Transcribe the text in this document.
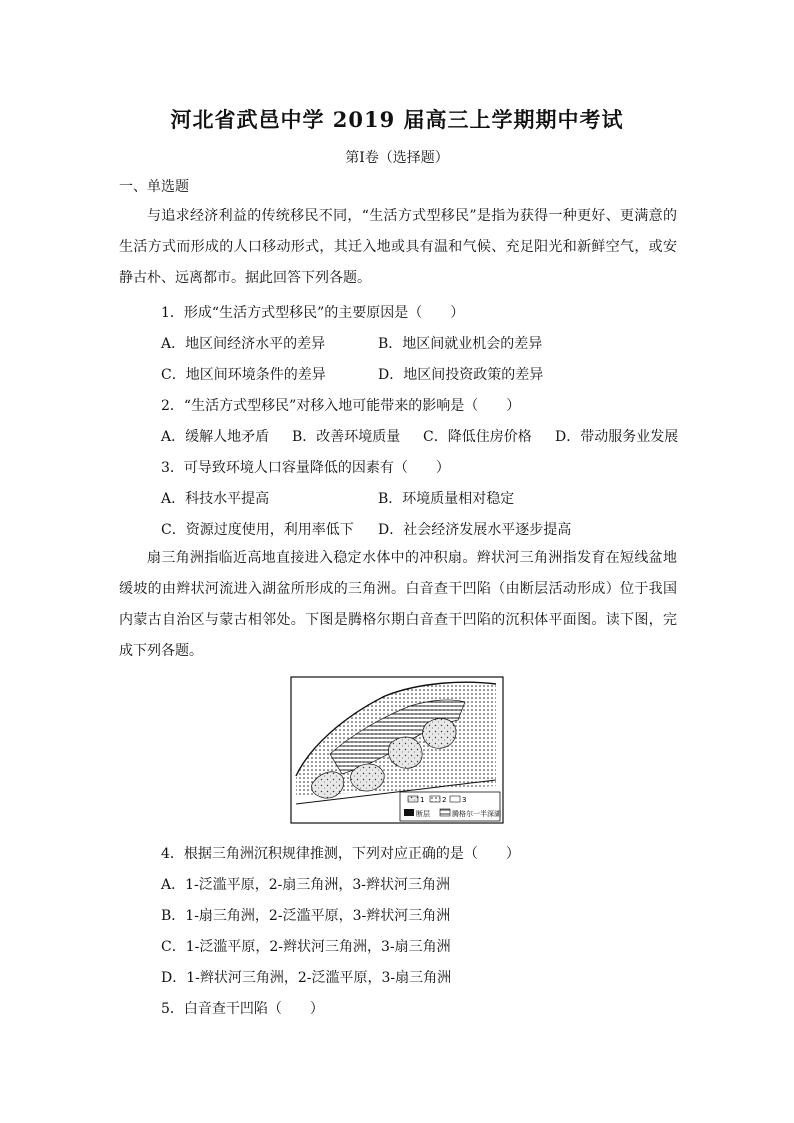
河北省武邑中学 2019 届高三上学期期中考试
第Ⅰ卷（选择题）
一、单选题

与追求经济利益的传统移民不同，“生活方式型移民”是指为获得一种更好、更满意的生活方式而形成的人口移动形式，其迁入地或具有温和气候、充足阳光和新鲜空气，或安静古朴、远离都市。据此回答下列各题。

1．形成“生活方式型移民”的主要原因是（　　）
A．地区间经济水平的差异	B．地区间就业机会的差异
C．地区间环境条件的差异	D．地区间投资政策的差异
2．“生活方式型移民”对移入地可能带来的影响是（　　）
A．缓解人地矛盾 B．改善环境质量 C．降低住房价格 D．带动服务业发展
3．可导致环境人口容量降低的因素有（　　）
A．科技水平提高	B．环境质量相对稳定
C．资源过度使用，利用率低下 D．社会经济发展水平逐步提高

扇三角洲指临近高地直接进入稳定水体中的冲积扇。辫状河三角洲指发育在短线盆地缓坡的由辫状河流进入湖盆所形成的三角洲。白音查干凹陷（由断层活动形成）位于我国内蒙古自治区与蒙古相邻处。下图是腾格尔期白音查干凹陷的沉积体平面图。读下图，完成下列各题。

1	2 3
断层	腾格尔一半深湖
4．根据三角洲沉积规律推测，下列对应正确的是（　　）
A．1-泛滥平原，2-扇三角洲，3-辫状河三角洲
B．1-扇三角洲，2-泛滥平原，3-辫状河三角洲
C．1-泛滥平原，2-辫状河三角洲，3-扇三角洲
D．1-辫状河三角洲，2-泛滥平原，3-扇三角洲
5．白音查干凹陷（　　）
